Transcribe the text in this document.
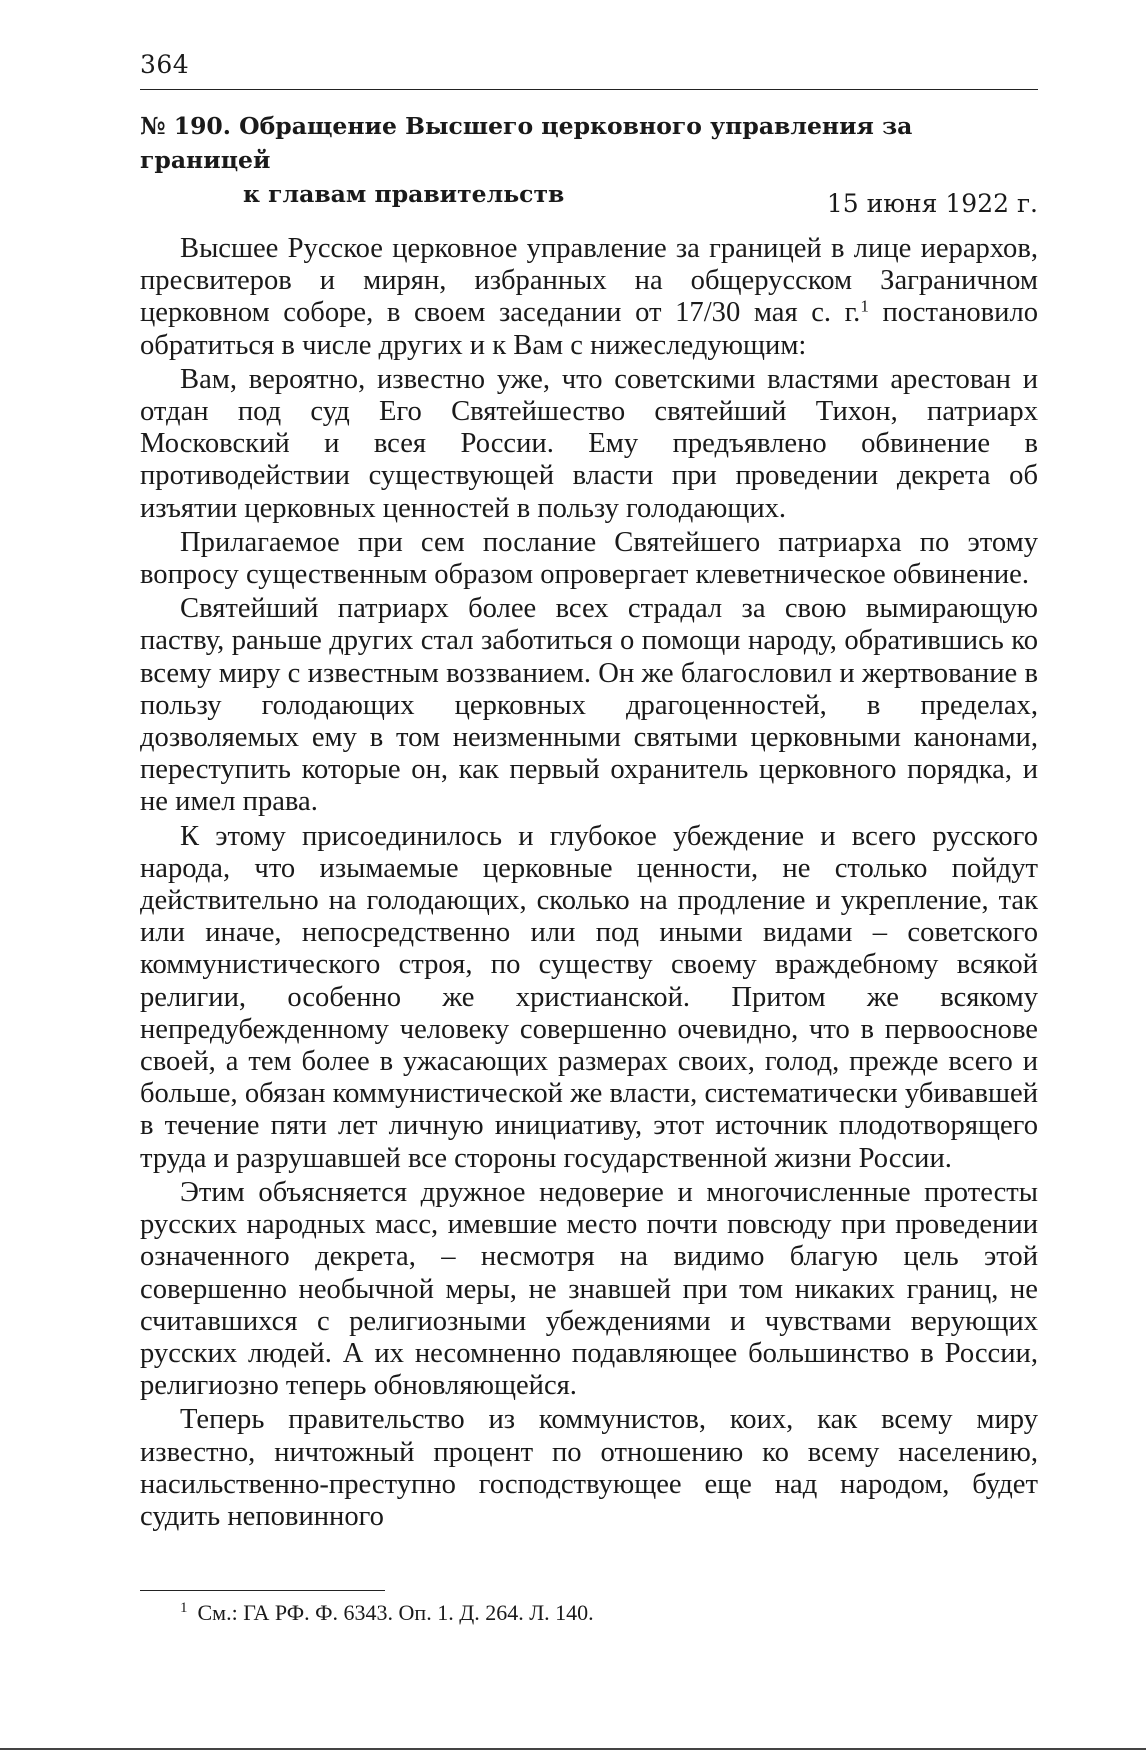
364
№ 190. Обращение Высшего церковного управления за границей
к главам правительств	15 июня 1922 г.

Высшее Русское церковное управление за границей в лице иерархов, пресвитеров и мирян, избранных на общерусском Заграничном церковном соборе, в своем заседании от 17/30 мая с. г.$^1$ постановило обратиться в числе других и к Вам с нижеследующим:

Вам, вероятно, известно уже, что советскими властями арестован и отдан под суд Его Святейшество святейший Тихон, патриарх Московский и всея России. Ему предъявлено обвинение в противодействии существующей власти при проведении декрета об изъятии церковных ценностей в пользу голодающих.

Прилагаемое при сем послание Святейшего патриарха по этому вопросу существенным образом опровергает клеветническое обвинение.

Святейший патриарх более всех страдал за свою вымирающую паству, раньше других стал заботиться о помощи народу, обратившись ко всему миру с известным воззванием. Он же благословил и жертвование в пользу голодающих церковных драгоценностей, в пределах, дозволяемых ему в том неизменными святыми церковными канонами, переступить которые он, как первый охранитель церковного порядка, и не имел права.

К этому присоединилось и глубокое убеждение и всего русского народа, что изымаемые церковные ценности, не столько пойдут действительно на голодающих, сколько на продление и укрепление, так или иначе, непосредственно или под иными видами – советского коммунистического строя, по существу своему враждебному всякой религии, особенно же христианской. Притом же всякому непредубежденному человеку совершенно очевидно, что в первооснове своей, а тем более в ужасающих размерах своих, голод, прежде всего и больше, обязан коммунистической же власти, систематически убивавшей в течение пяти лет личную инициативу, этот источник плодотворящего труда и разрушавшей все стороны государственной жизни России.

Этим объясняется дружное недоверие и многочисленные протесты русских народных масс, имевшие место почти повсюду при проведении означенного декрета, – несмотря на видимо благую цель этой совершенно необычной меры, не знавшей при том никаких границ, не считавшихся с религиозными убеждениями и чувствами верующих русских людей. А их несомненно подавляющее большинство в России, религиозно теперь обновляющейся.

Теперь правительство из коммунистов, коих, как всему миру известно, ничтожный процент по отношению ко всему населению, насильственно-преступно господствующее еще над народом, будет судить неповинного

$^1$ См.: ГА РФ. Ф. 6343. Оп. 1. Д. 264. Л. 140.
